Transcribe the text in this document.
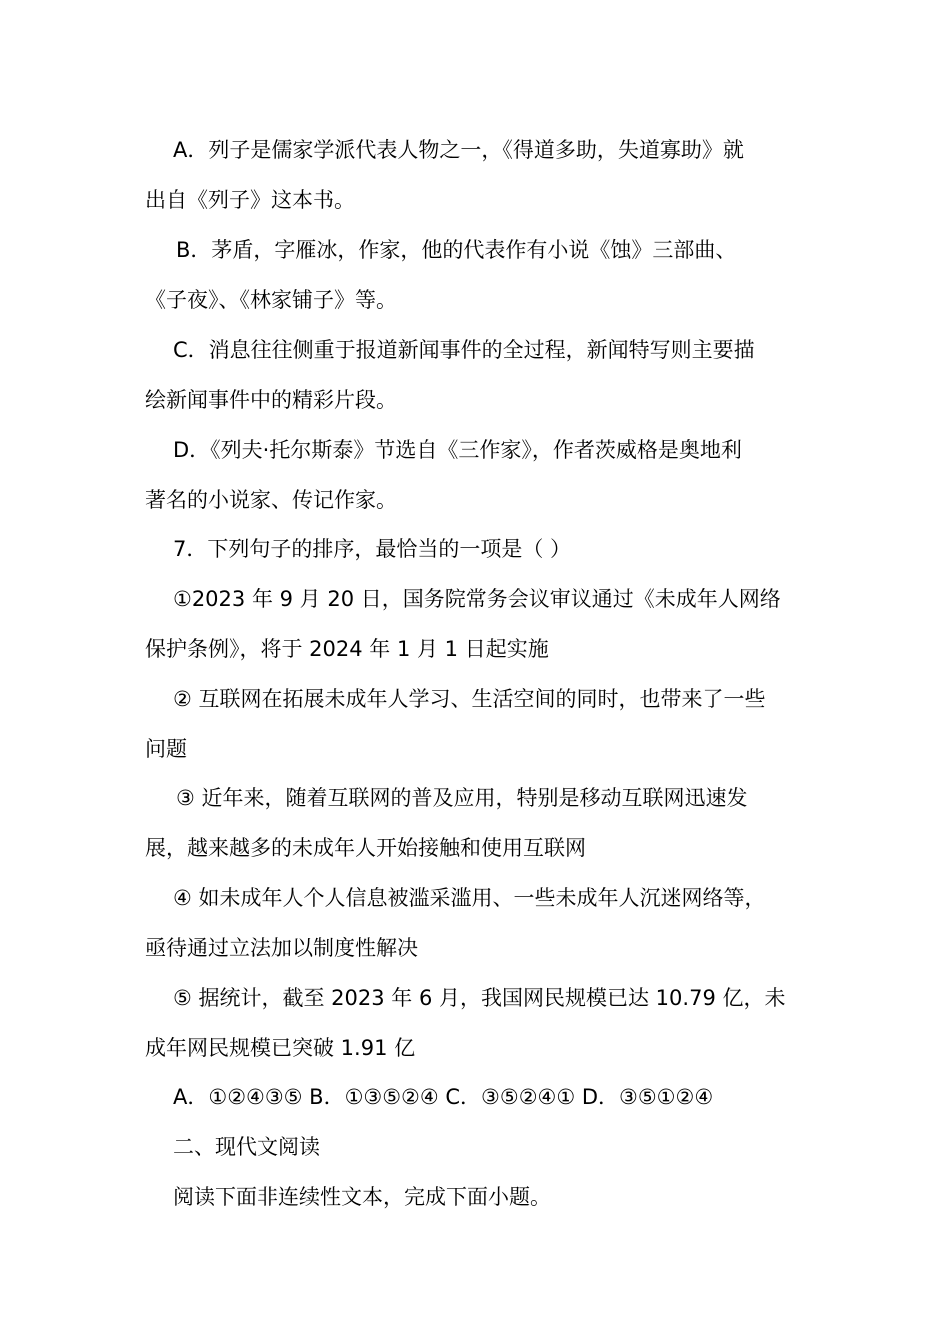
A．列子是儒家学派代表人物之一，《得道多助，失道寡助》就
出自《列子》这本书。
B．茅盾，字雁冰，作家，他的代表作有小说《蚀》三部曲、
《子夜》、《林家铺子》等。
C．消息往往侧重于报道新闻事件的全过程，新闻特写则主要描
绘新闻事件中的精彩片段。
D．《列夫·托尔斯泰》节选自《三作家》，作者茨威格是奥地利
著名的小说家、传记作家。
7．下列句子的排序，最恰当的一项是（ ）
①2023 年 9 月 20 日，国务院常务会议审议通过《未成年人网络
保护条例》，将于 2024 年 1 月 1 日起实施
② 互联网在拓展未成年人学习、生活空间的同时，也带来了一些
问题
③ 近年来，随着互联网的普及应用，特别是移动互联网迅速发
展，越来越多的未成年人开始接触和使用互联网
④ 如未成年人个人信息被滥采滥用、一些未成年人沉迷网络等，
亟待通过立法加以制度性解决
⑤ 据统计，截至 2023 年 6 月，我国网民规模已达 10.79 亿，未
成年网民规模已突破 1.91 亿
A．①②④③⑤ B．①③⑤②④ C．③⑤②④① D．③⑤①②④
二、现代文阅读
阅读下面非连续性文本，完成下面小题。
